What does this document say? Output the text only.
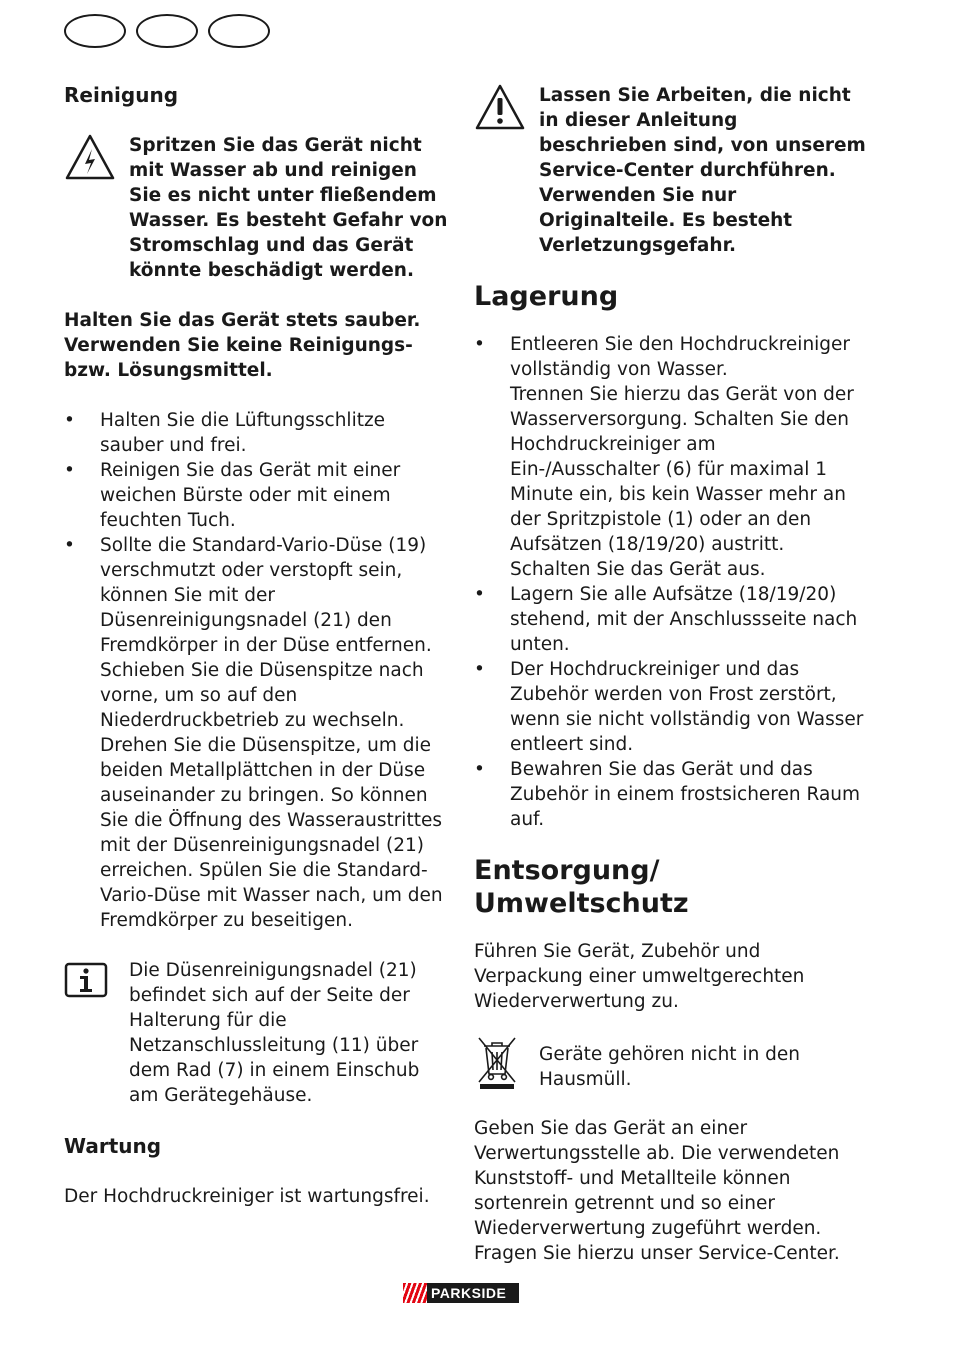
Reinigung

Spritzen Sie das Gerät nicht mit Wasser ab und reinigen Sie es nicht unter fließendem Wasser. Es besteht Gefahr von Stromschlag und das Gerät könnte beschädigt werden.

Halten Sie das Gerät stets sauber.
Verwenden Sie keine Reinigungs-
bzw. Lösungsmittel.
• Halten Sie die Lüftungsschlitze sauber und frei.
• Reinigen Sie das Gerät mit einer weichen Bürste oder mit einem feuchten Tuch.
• Sollte die Standard-Vario-Düse (19) verschmutzt oder verstopft sein, können Sie mit der Düsenreinigungsnadel (21) den Fremdkörper in der Düse entfernen. Schieben Sie die Düsenspitze nach vorne, um so auf den Niederdruckbetrieb zu wechseln. Drehen Sie die Düsenspitze, um die beiden Metallplättchen in der Düse auseinander zu bringen. So können Sie die Öffnung des Wasseraustrittes mit der Düsenreinigungsnadel (21) erreichen. Spülen Sie die Standard-Vario-Düse mit Wasser nach, um den Fremdkörper zu beseitigen.

Die Düsenreinigungsnadel (21) befindet sich auf der Seite der Halterung für die Netzanschlussleitung (11) über dem Rad (7) in einem Einschub am Gerätegehäuse.

Wartung

Der Hochdruckreiniger ist wartungsfrei.

Lassen Sie Arbeiten, die nicht in dieser Anleitung beschrieben sind, von unserem Service-Center durchführen. Verwenden Sie nur Originalteile. Es besteht Verletzungsgefahr.

Lagerung
• Entleeren Sie den Hochdruckreiniger vollständig von Wasser.
Trennen Sie hierzu das Gerät von der Wasserversorgung. Schalten Sie den Hochdruckreiniger am Ein-/Ausschalter (6) für maximal 1 Minute ein, bis kein Wasser mehr an der Spritzpistole (1) oder an den Aufsätzen (18/19/20) austritt. Schalten Sie das Gerät aus.
• Lagern Sie alle Aufsätze (18/19/20) stehend, mit der Anschlussseite nach unten.
• Der Hochdruckreiniger und das Zubehör werden von Frost zerstört, wenn sie nicht vollständig von Wasser entleert sind.
• Bewahren Sie das Gerät und das Zubehör in einem frostsicheren Raum auf.
Entsorgung/
Umweltschutz

Führen Sie Gerät, Zubehör und Verpackung einer umweltgerechten Wiederverwertung zu.

Geräte gehören nicht in den Hausmüll.

Geben Sie das Gerät an einer Verwertungsstelle ab. Die verwendeten Kunststoff- und Metallteile können sortenrein getrennt und so einer Wiederverwertung zugeführt werden. Fragen Sie hierzu unser Service-Center.

PARKSIDE
